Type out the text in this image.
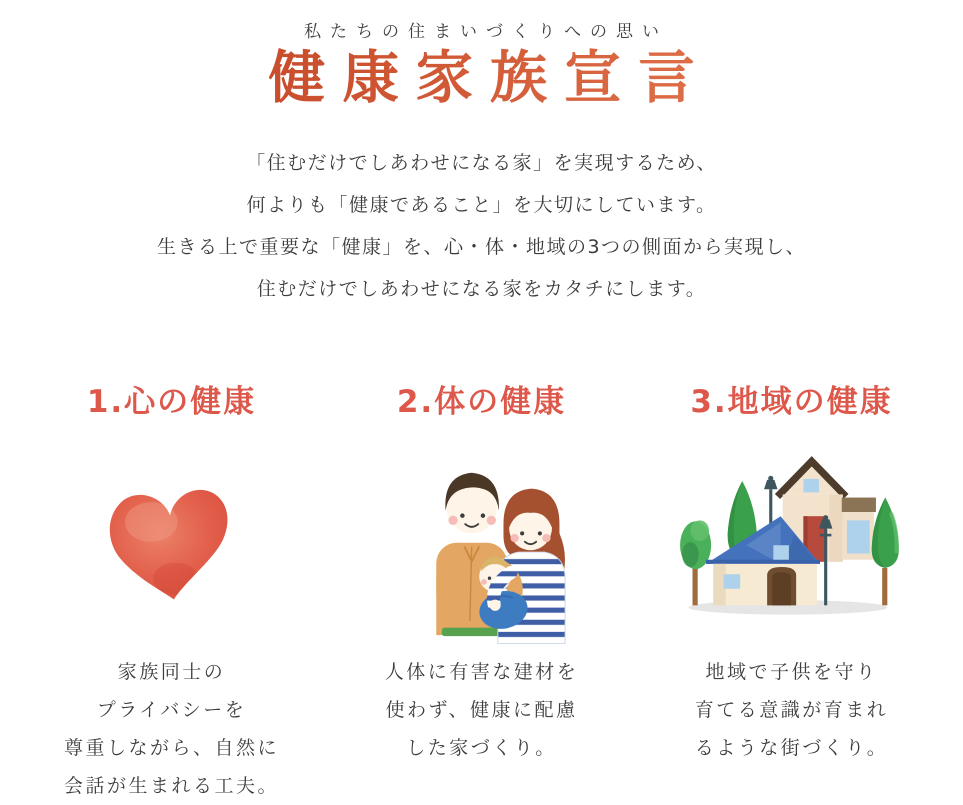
私たちの住まいづくりへの思い

健康家族宣言

「住むだけでしあわせになる家」を実現するため、

何よりも「健康であること」を大切にしています。

生きる上で重要な「健康」を、心・体・地域の3つの側面から実現し、

住むだけでしあわせになる家をカタチにします。

1.心の健康

家族同士の

プライバシーを

尊重しながら、自然に

会話が生まれる工夫。

2.体の健康

人体に有害な建材を

使わず、健康に配慮

した家づくり。

3.地域の健康

地域で子供を守り

育てる意識が育まれ

るような街づくり。
